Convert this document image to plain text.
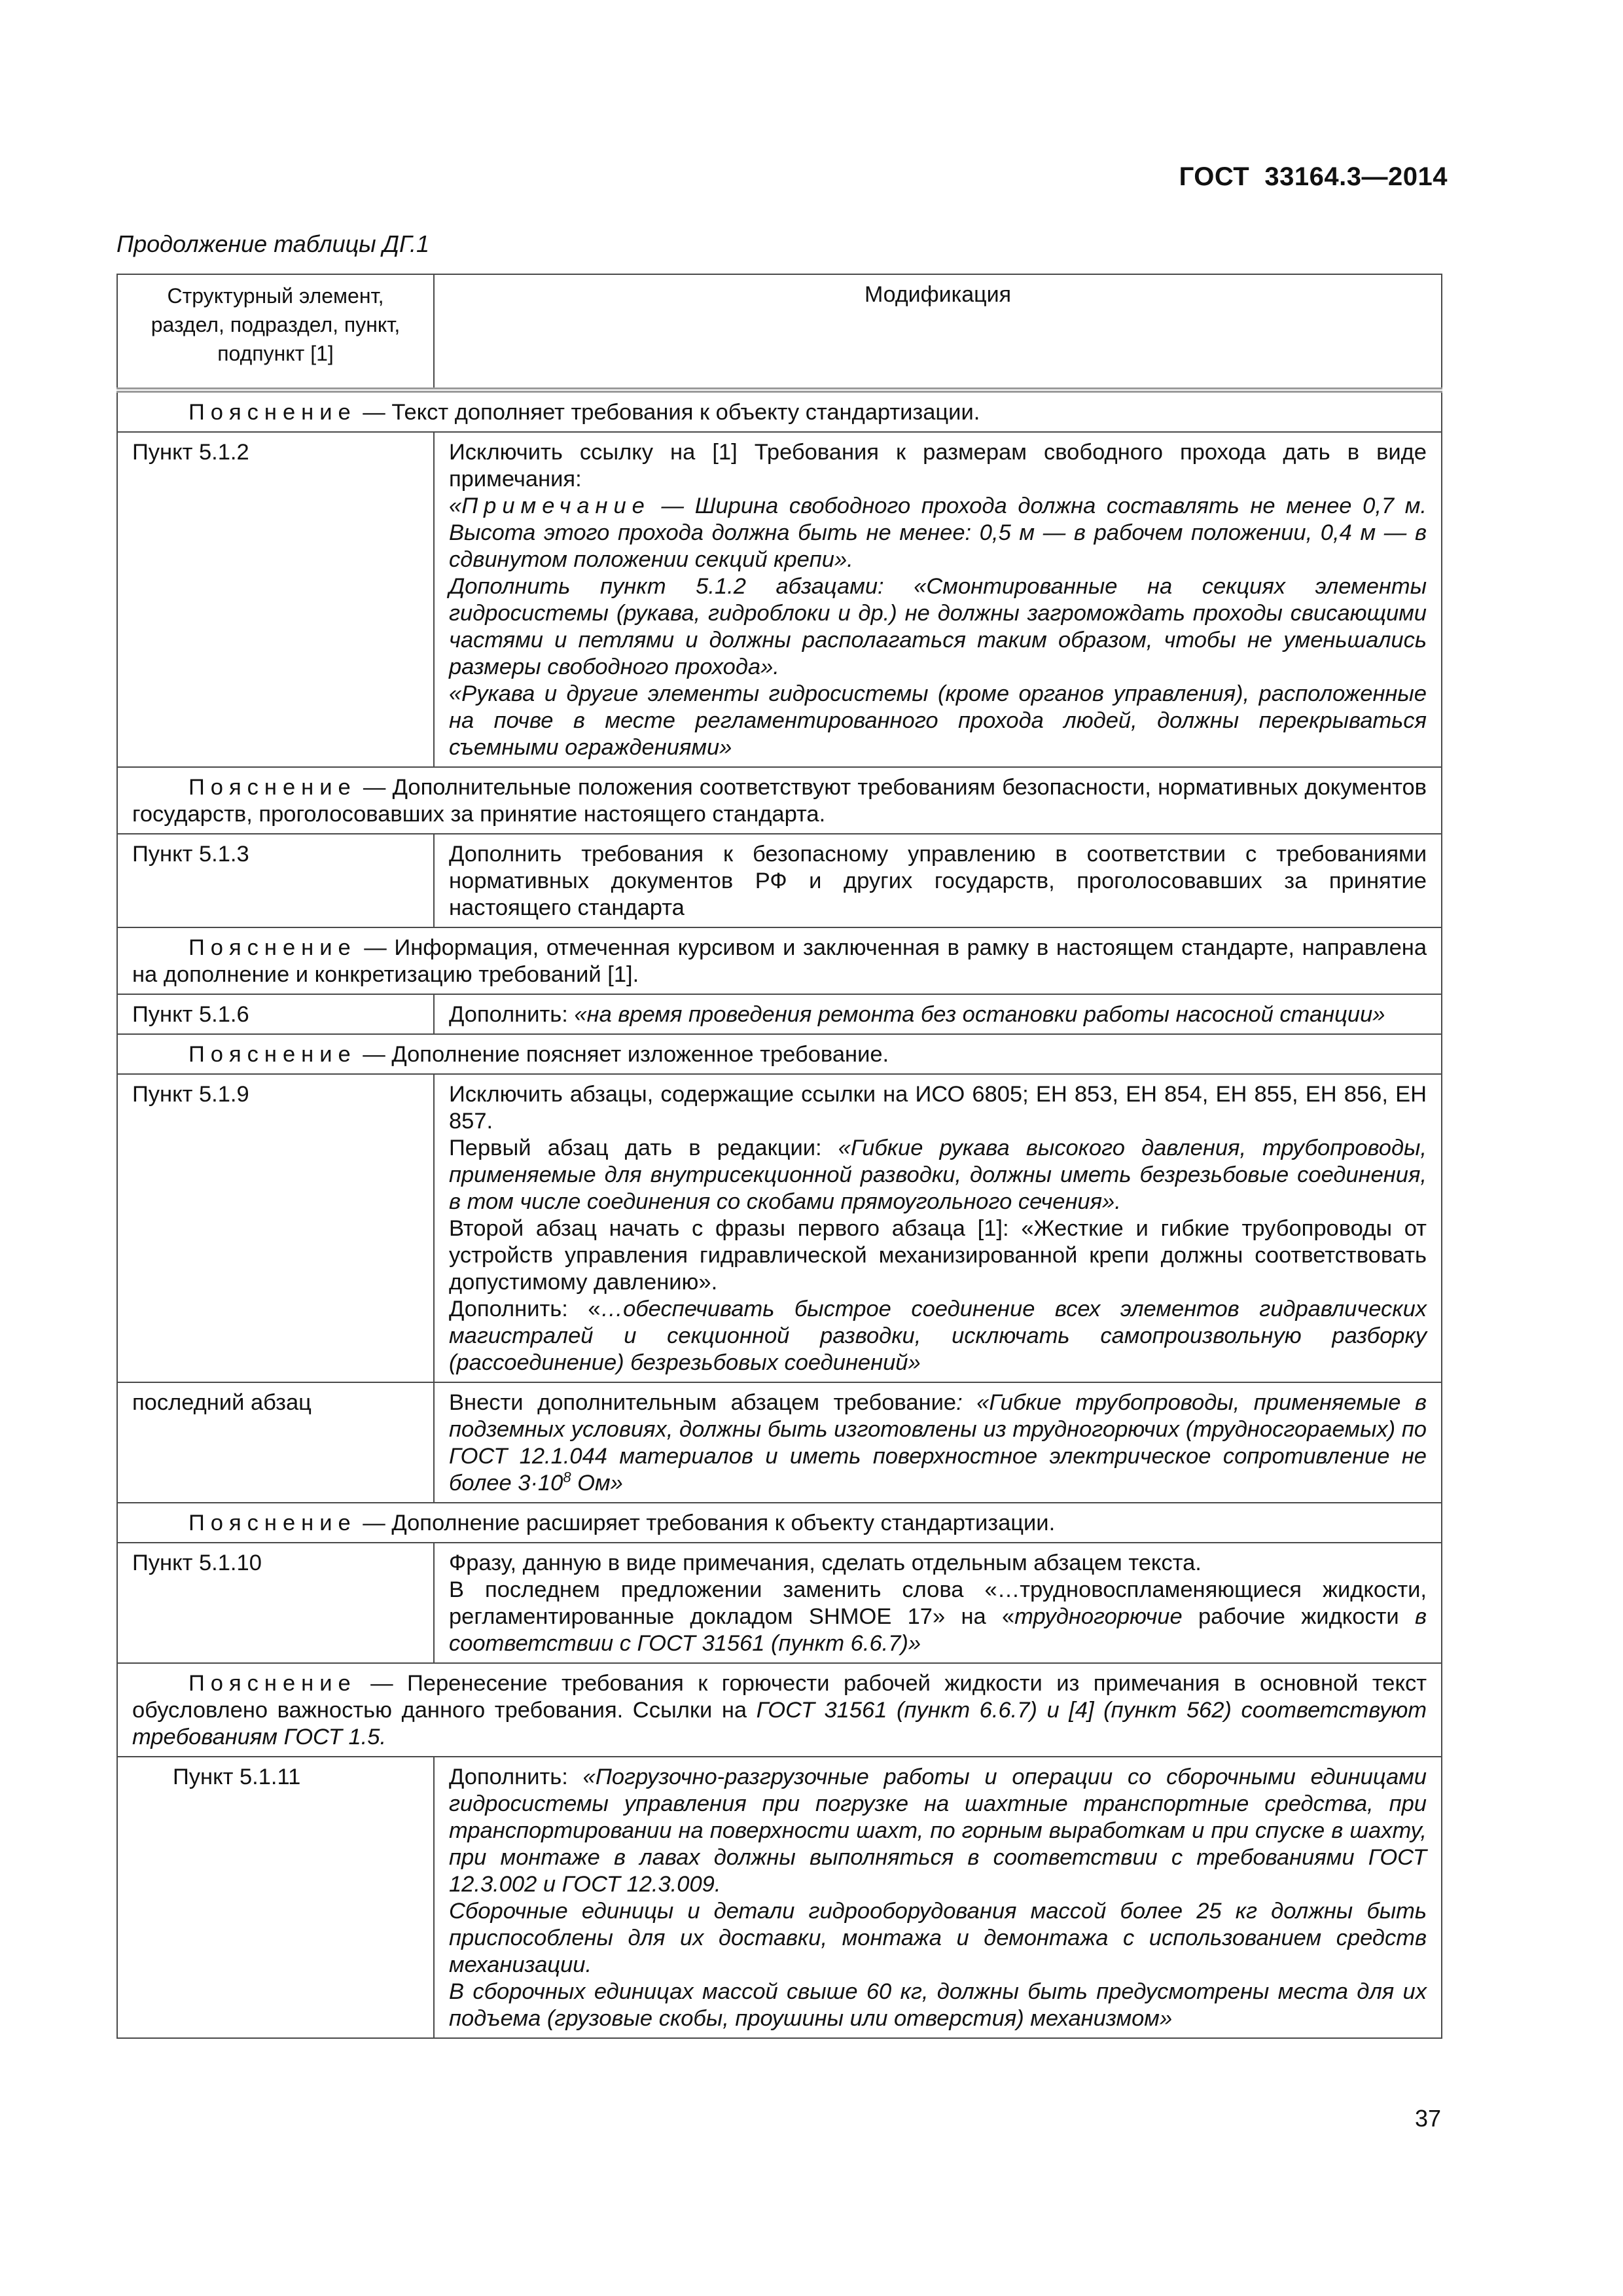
ГОСТ  33164.3—2014
Продолжение таблицы ДГ.1
Структурный элемент,
раздел, подраздел, пункт,
подпункт [1]	Модификация

Пояснение — Текст дополняет требования к объекту стандартизации.	

Пункт 5.1.2	Исключить ссылку на [1] Требования к размерам свободного прохода дать в виде примечания:
«Примечание — Ширина свободного прохода должна составлять не менее 0,7 м. Высота этого прохода должна быть не менее: 0,5 м — в рабочем положении, 0,4 м — в сдвинутом положении секций крепи».
Дополнить пункт 5.1.2 абзацами: «Смонтированные на секциях элементы гидросистемы (рукава, гидроблоки и др.) не должны загромождать проходы свисающими частями и петлями и должны располагаться таким образом, чтобы не уменьшались размеры свободного прохода».
«Рукава и другие элементы гидросистемы (кроме органов управления), расположенные на почве в месте регламентированного прохода людей, должны перекрываться съемными ограждениями»

Пояснение — Дополнительные положения соответствуют требованиям безопасности, нормативных документов государств, проголосовавших за принятие настоящего стандарта.	

Пункт 5.1.3	Дополнить требования к безопасному управлению в соответствии с требованиями нормативных документов РФ и других государств, проголосовавших за принятие настоящего стандарта

Пояснение — Информация, отмеченная курсивом и заключенная в рамку в настоящем стандарте, направлена на дополнение и конкретизацию требований [1].	

Пункт 5.1.6	Дополнить: «на время проведения ремонта без остановки работы насосной станции»

Пояснение — Дополнение поясняет изложенное требование.	

Пункт 5.1.9	Исключить абзацы, содержащие ссылки на ИСО 6805; ЕН 853, ЕН 854, ЕН 855, ЕН 856, ЕН 857.
Первый абзац дать в редакции: «Гибкие рукава высокого давления, трубопроводы, применяемые для внутрисекционной разводки, должны иметь безрезьбовые соединения, в том числе соединения со скобами прямоугольного сечения».
Второй абзац начать с фразы первого абзаца [1]: «Жесткие и гибкие трубопроводы от устройств управления гидравлической механизированной крепи должны соответствовать допустимому давлению».
Дополнить: «…обеспечивать быстрое соединение всех элементов гидравлических магистралей и секционной разводки, исключать самопроизвольную разборку (рассоединение) безрезьбовых соединений»

последний абзац	Внести дополнительным абзацем требование: «Гибкие трубопроводы, применяемые в подземных условиях, должны быть изготовлены из трудногорючих (трудносгораемых) по ГОСТ 12.1.044 материалов и иметь поверхностное электрическое сопротивление не более $3\cdot 10^8$ Ом»

Пояснение — Дополнение расширяет требования к объекту стандартизации.	

Пункт 5.1.10	Фразу, данную в виде примечания, сделать отдельным абзацем текста.
В последнем предложении заменить слова «…трудновоспламеняющиеся жидкости, регламентированные докладом SHMOE 17» на «трудногорючие рабочие жидкости в соответствии с ГОСТ 31561 (пункт 6.6.7)»

Пояснение — Перенесение требования к горючести рабочей жидкости из примечания в основной текст обусловлено важностью данного требования. Ссылки на ГОСТ 31561 (пункт 6.6.7) и [4] (пункт 562) соответствуют требованиям ГОСТ 1.5.	

Пункт 5.1.11	Дополнить: «Погрузочно-разгрузочные работы и операции со сборочными единицами гидросистемы управления при погрузке на шахтные транспортные средства, при транспортировании на поверхности шахт, по горным выработкам и при спуске в шахту, при монтаже в лавах должны выполняться в соответствии с требованиями ГОСТ 12.3.002 и ГОСТ 12.3.009.
Сборочные единицы и детали гидрооборудования массой более 25 кг должны быть приспособлены для их доставки, монтажа и демонтажа с использованием средств механизации.
В сборочных единицах массой свыше 60 кг, должны быть предусмотрены места для их подъема (грузовые скобы, проушины или отверстия) механизмом»
37
